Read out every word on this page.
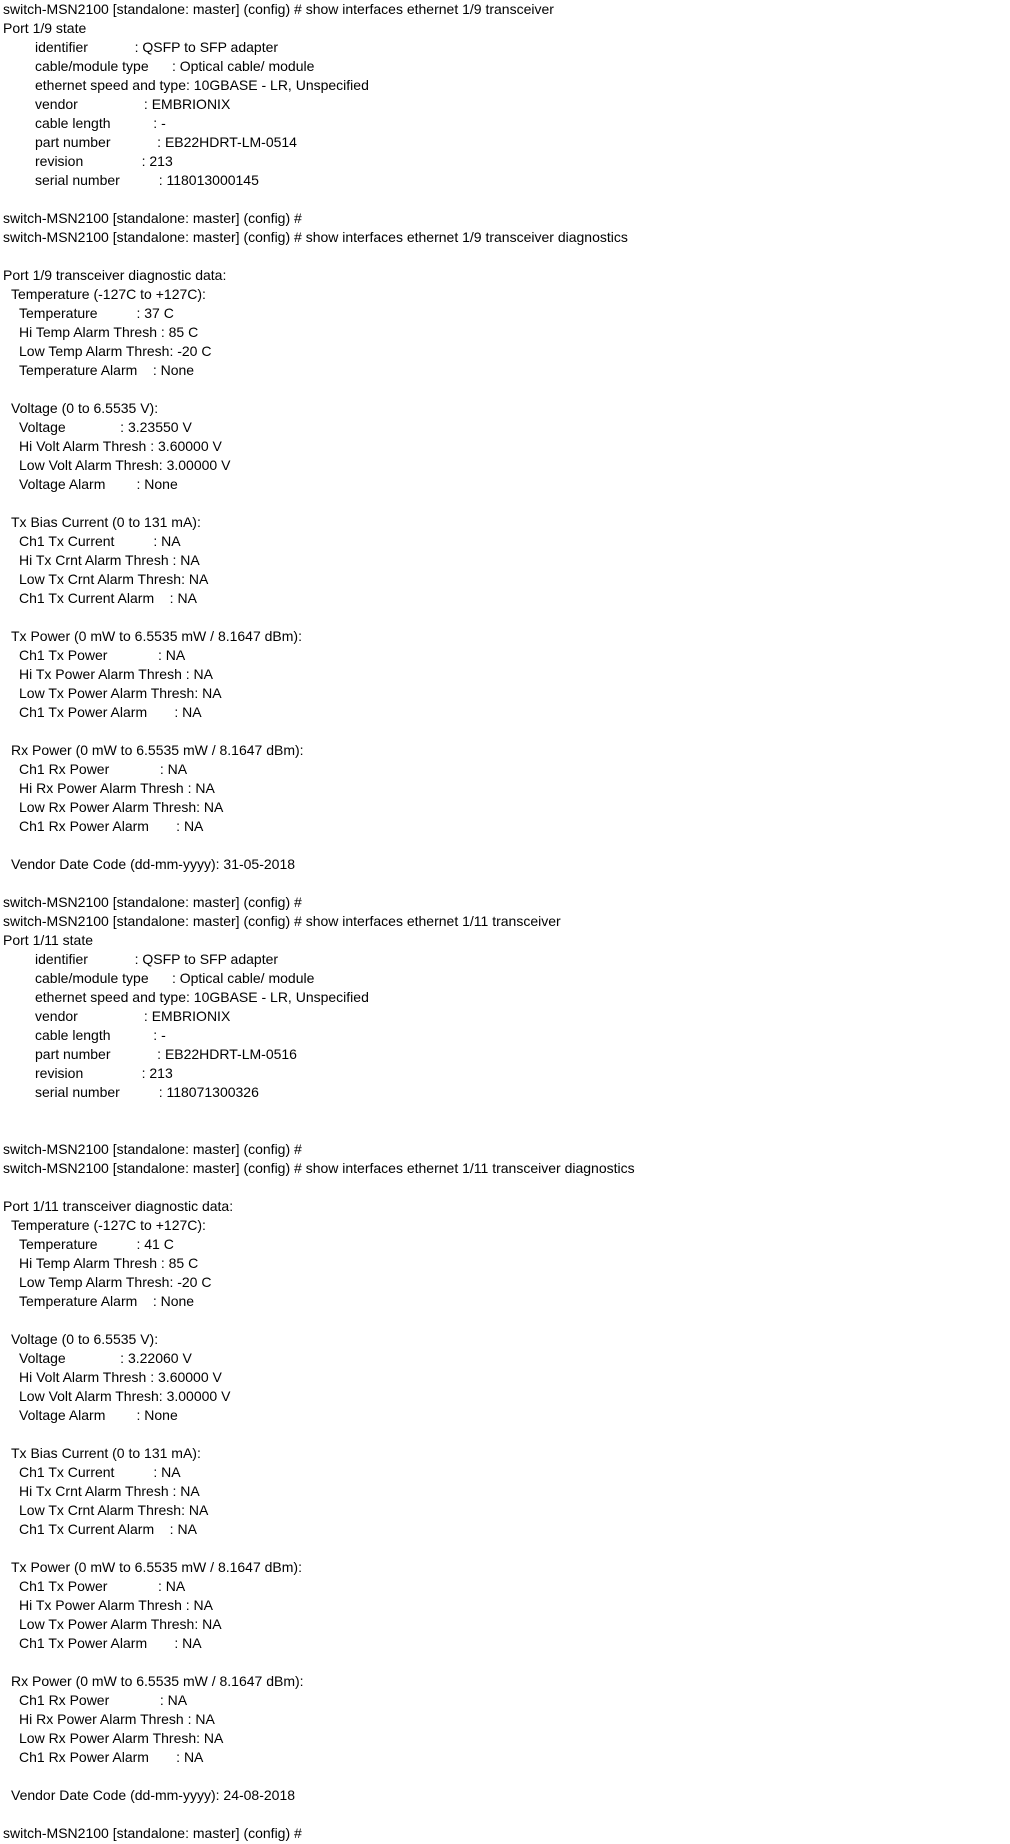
switch-MSN2100 [standalone: master] (config) # show interfaces ethernet 1/9 transceiver
Port 1/9 state
identifier            : QSFP to SFP adapter
cable/module type      : Optical cable/ module
ethernet speed and type: 10GBASE - LR, Unspecified
vendor                 : EMBRIONIX
cable length           : -
part number            : EB22HDRT-LM-0514
revision               : 213
serial number          : 118013000145
switch-MSN2100 [standalone: master] (config) #
switch-MSN2100 [standalone: master] (config) # show interfaces ethernet 1/9 transceiver diagnostics
Port 1/9 transceiver diagnostic data:
Temperature (-127C to +127C):
Temperature          : 37 C
Hi Temp Alarm Thresh : 85 C
Low Temp Alarm Thresh: -20 C
Temperature Alarm    : None
Voltage (0 to 6.5535 V):
Voltage              : 3.23550 V
Hi Volt Alarm Thresh : 3.60000 V
Low Volt Alarm Thresh: 3.00000 V
Voltage Alarm        : None
Tx Bias Current (0 to 131 mA):
Ch1 Tx Current          : NA
Hi Tx Crnt Alarm Thresh : NA
Low Tx Crnt Alarm Thresh: NA
Ch1 Tx Current Alarm    : NA
Tx Power (0 mW to 6.5535 mW / 8.1647 dBm):
Ch1 Tx Power             : NA
Hi Tx Power Alarm Thresh : NA
Low Tx Power Alarm Thresh: NA
Ch1 Tx Power Alarm       : NA
Rx Power (0 mW to 6.5535 mW / 8.1647 dBm):
Ch1 Rx Power             : NA
Hi Rx Power Alarm Thresh : NA
Low Rx Power Alarm Thresh: NA
Ch1 Rx Power Alarm       : NA
Vendor Date Code (dd-mm-yyyy): 31-05-2018
switch-MSN2100 [standalone: master] (config) #
switch-MSN2100 [standalone: master] (config) # show interfaces ethernet 1/11 transceiver
Port 1/11 state
identifier            : QSFP to SFP adapter
cable/module type      : Optical cable/ module
ethernet speed and type: 10GBASE - LR, Unspecified
vendor                 : EMBRIONIX
cable length           : -
part number            : EB22HDRT-LM-0516
revision               : 213
serial number          : 118071300326
switch-MSN2100 [standalone: master] (config) #
switch-MSN2100 [standalone: master] (config) # show interfaces ethernet 1/11 transceiver diagnostics
Port 1/11 transceiver diagnostic data:
Temperature (-127C to +127C):
Temperature          : 41 C
Hi Temp Alarm Thresh : 85 C
Low Temp Alarm Thresh: -20 C
Temperature Alarm    : None
Voltage (0 to 6.5535 V):
Voltage              : 3.22060 V
Hi Volt Alarm Thresh : 3.60000 V
Low Volt Alarm Thresh: 3.00000 V
Voltage Alarm        : None
Tx Bias Current (0 to 131 mA):
Ch1 Tx Current          : NA
Hi Tx Crnt Alarm Thresh : NA
Low Tx Crnt Alarm Thresh: NA
Ch1 Tx Current Alarm    : NA
Tx Power (0 mW to 6.5535 mW / 8.1647 dBm):
Ch1 Tx Power             : NA
Hi Tx Power Alarm Thresh : NA
Low Tx Power Alarm Thresh: NA
Ch1 Tx Power Alarm       : NA
Rx Power (0 mW to 6.5535 mW / 8.1647 dBm):
Ch1 Rx Power             : NA
Hi Rx Power Alarm Thresh : NA
Low Rx Power Alarm Thresh: NA
Ch1 Rx Power Alarm       : NA
Vendor Date Code (dd-mm-yyyy): 24-08-2018
switch-MSN2100 [standalone: master] (config) #
